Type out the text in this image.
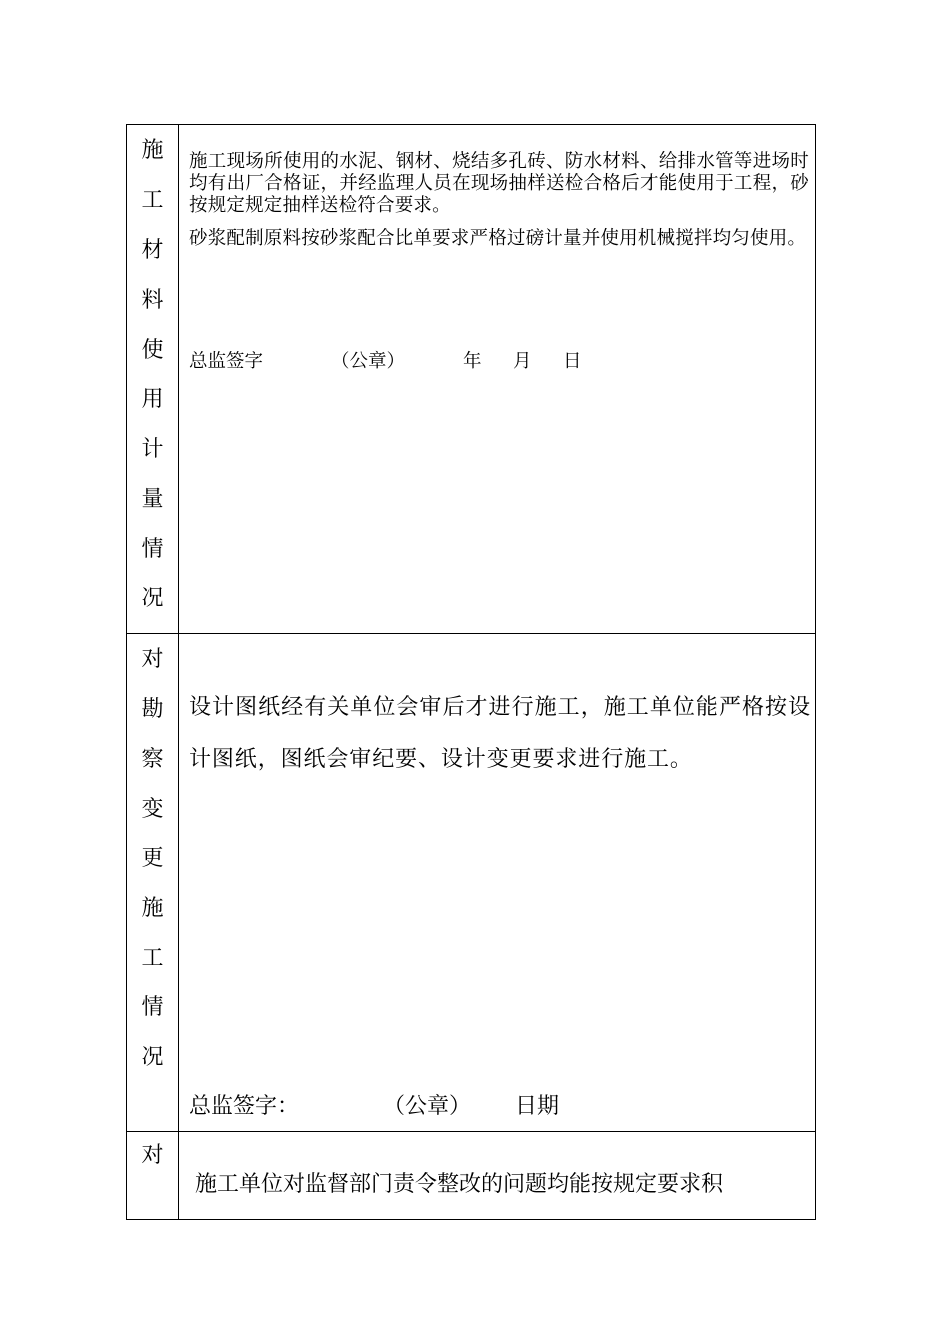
施
工
材
料
使
用
计
量
情
况
施工现场所使用的水泥、钢材、烧结多孔砖、防水材料、给排水管等进场时均有出厂合格证，并经监理人员在现场抽样送检合格后才能使用于工程，砂按规定规定抽样送检符合要求。
砂浆配制原料按砂浆配合比单要求严格过磅计量并使用机械搅拌均匀使用。
总监签字	（公章）	年 月 日
对
勘
察
变
更
施
工
情
况
设计图纸经有关单位会审后才进行施工，施工单位能严格按设计图纸，图纸会审纪要、设计变更要求进行施工。
总监签字：	（公章） 日期
对
施工单位对监督部门责令整改的问题均能按规定要求积
